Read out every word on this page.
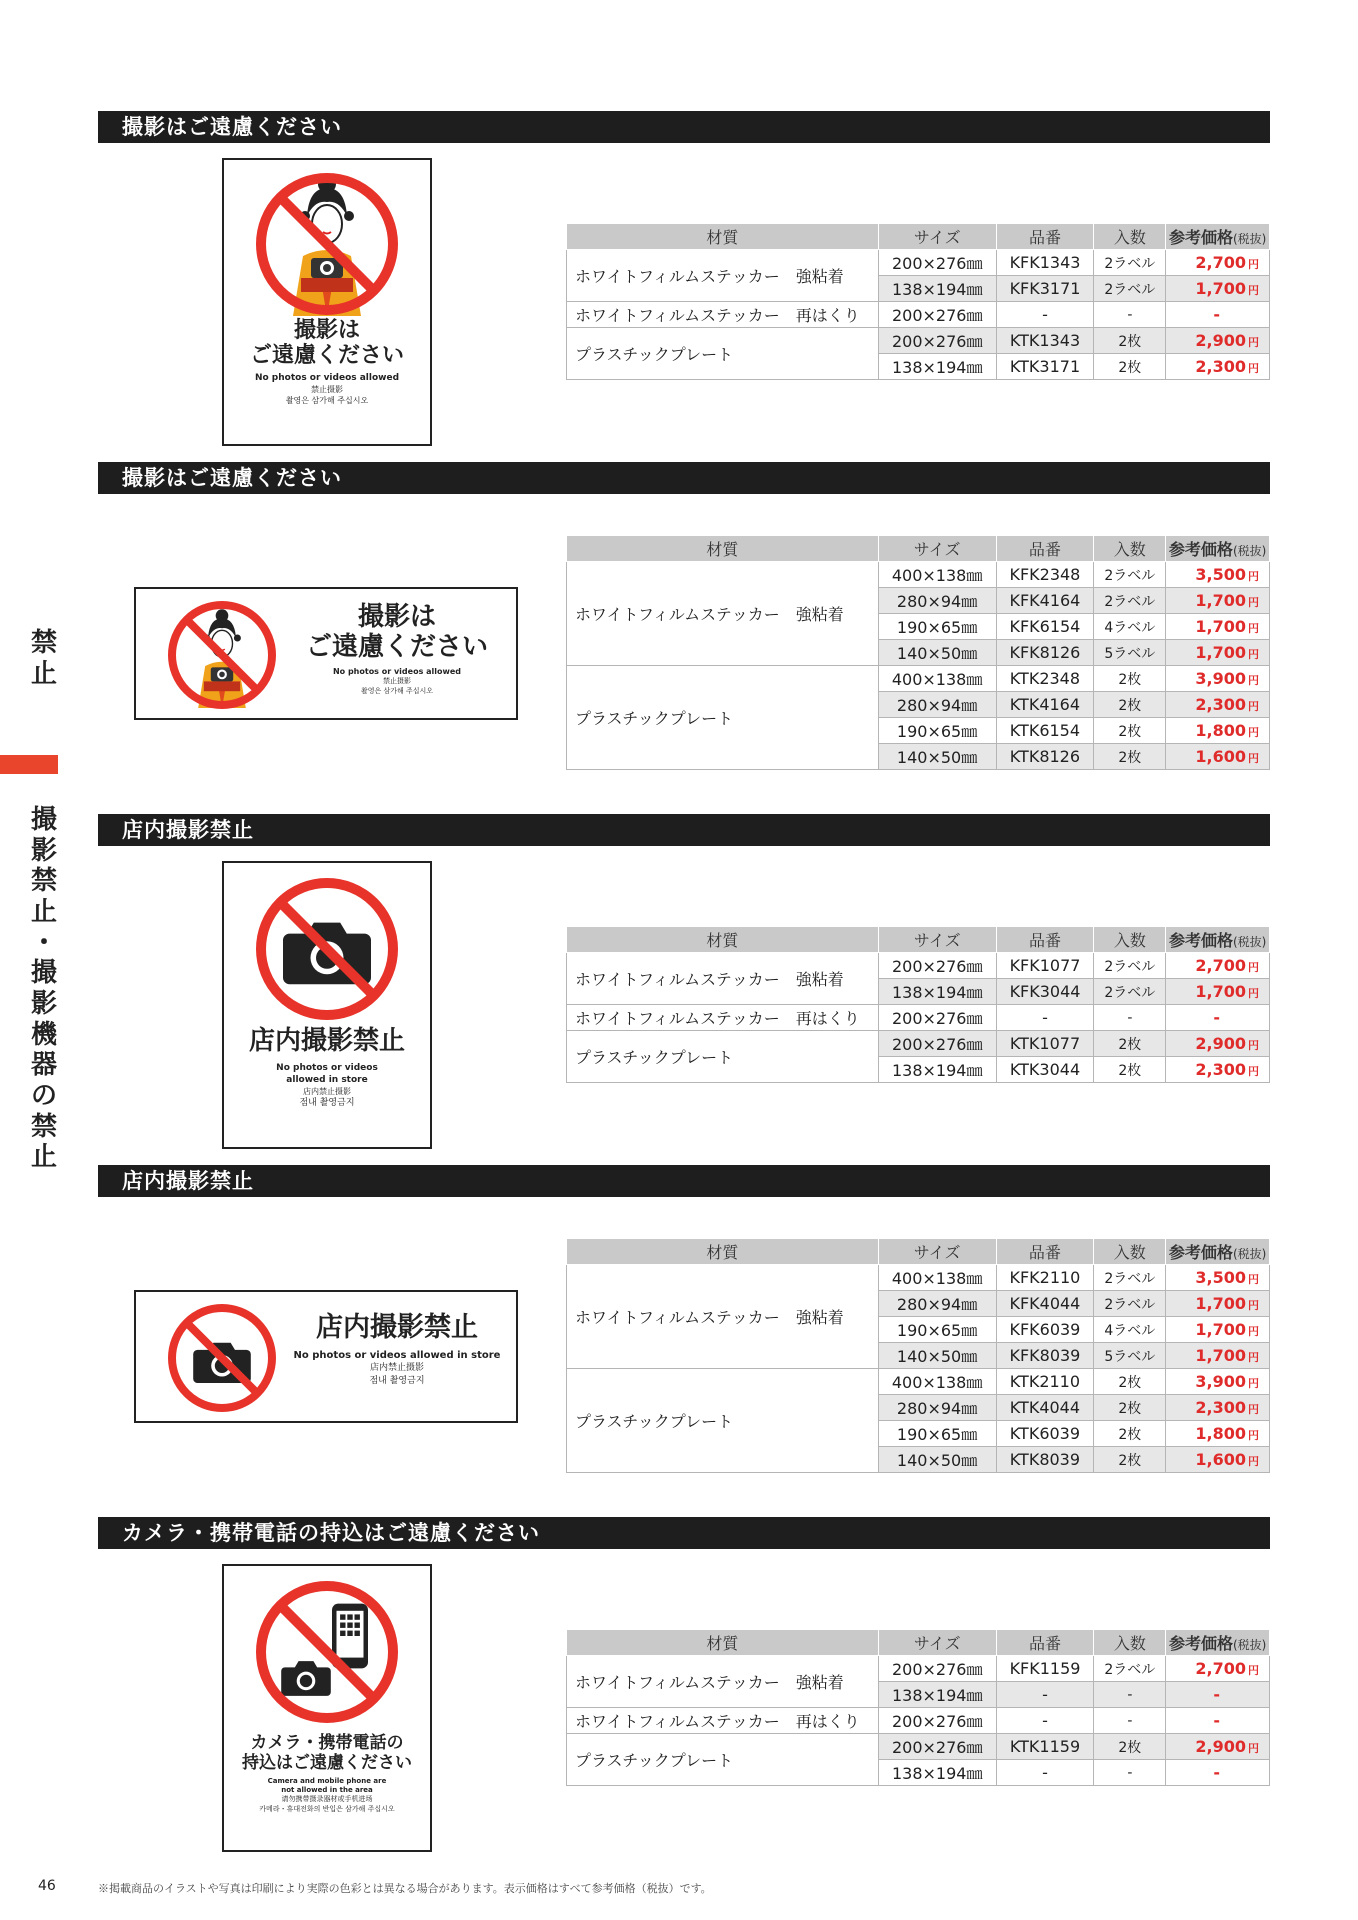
禁
止
撮
影
禁
止
・
撮
影
機
器
の
禁
止
撮影はご遠慮ください
撮影は
ご遠慮ください
No photos or videos allowed
禁止摄影
촬영은 삼가해 주십시오
材質	サイズ	品番	入数	参考価格(税抜)
ホワイトフィルムステッカー　強粘着	200×276㎜	KFK1343	2ラベル	2,700 円
	138×194㎜	KFK3171	2ラベル	1,700 円
ホワイトフィルムステッカー　再はくり	200×276㎜	-	-	-
プラスチックプレート	200×276㎜	KTK1343	2枚	2,900 円
	138×194㎜	KTK3171	2枚	2,300 円
撮影はご遠慮ください
撮影は
ご遠慮ください
No photos or videos allowed
禁止摄影
촬영은 삼가해 주십시오
材質	サイズ	品番	入数	参考価格(税抜)
ホワイトフィルムステッカー　強粘着	400×138㎜	KFK2348	2ラベル	3,500 円
	280×94㎜	KFK4164	2ラベル	1,700 円
	190×65㎜	KFK6154	4ラベル	1,700 円
	140×50㎜	KFK8126	5ラベル	1,700 円
プラスチックプレート	400×138㎜	KTK2348	2枚	3,900 円
	280×94㎜	KTK4164	2枚	2,300 円
	190×65㎜	KTK6154	2枚	1,800 円
	140×50㎜	KTK8126	2枚	1,600 円
店内撮影禁止
店内撮影禁止
No photos or videos allowed in store
店内禁止摄影
점내 촬영금지
材質	サイズ	品番	入数	参考価格(税抜)
ホワイトフィルムステッカー　強粘着	200×276㎜	KFK1077	2ラベル	2,700 円
	138×194㎜	KFK3044	2ラベル	1,700 円
ホワイトフィルムステッカー　再はくり	200×276㎜	-	-	-
プラスチックプレート	200×276㎜	KTK1077	2枚	2,900 円
	138×194㎜	KTK3044	2枚	2,300 円
店内撮影禁止
店内撮影禁止
No photos or videos allowed in store
店内禁止摄影
점내 촬영금지
材質	サイズ	品番	入数	参考価格(税抜)
ホワイトフィルムステッカー　強粘着	400×138㎜	KFK2110	2ラベル	3,500 円
	280×94㎜	KFK4044	2ラベル	1,700 円
	190×65㎜	KFK6039	4ラベル	1,700 円
	140×50㎜	KFK8039	5ラベル	1,700 円
プラスチックプレート	400×138㎜	KTK2110	2枚	3,900 円
	280×94㎜	KTK4044	2枚	2,300 円
	190×65㎜	KTK6039	2枚	1,800 円
	140×50㎜	KTK8039	2枚	1,600 円
カメラ・携帯電話の持込はご遠慮ください
カメラ・携帯電話の
持込はご遠慮ください
Camera and mobile phone are not allowed in the area
请勿携带摄录器材或手机进场
카메라・휴대전화의 반입은 삼가해 주십시오
材質	サイズ	品番	入数	参考価格(税抜)
ホワイトフィルムステッカー　強粘着	200×276㎜	KFK1159	2ラベル	2,700 円
	138×194㎜	-	-	-
ホワイトフィルムステッカー　再はくり	200×276㎜	-	-	-
プラスチックプレート	200×276㎜	KTK1159	2枚	2,900 円
	138×194㎜	-	-	-
46	※掲載商品のイラストや写真は印刷により実際の色彩とは異なる場合があります。表示価格はすべて参考価格（税抜）です。
